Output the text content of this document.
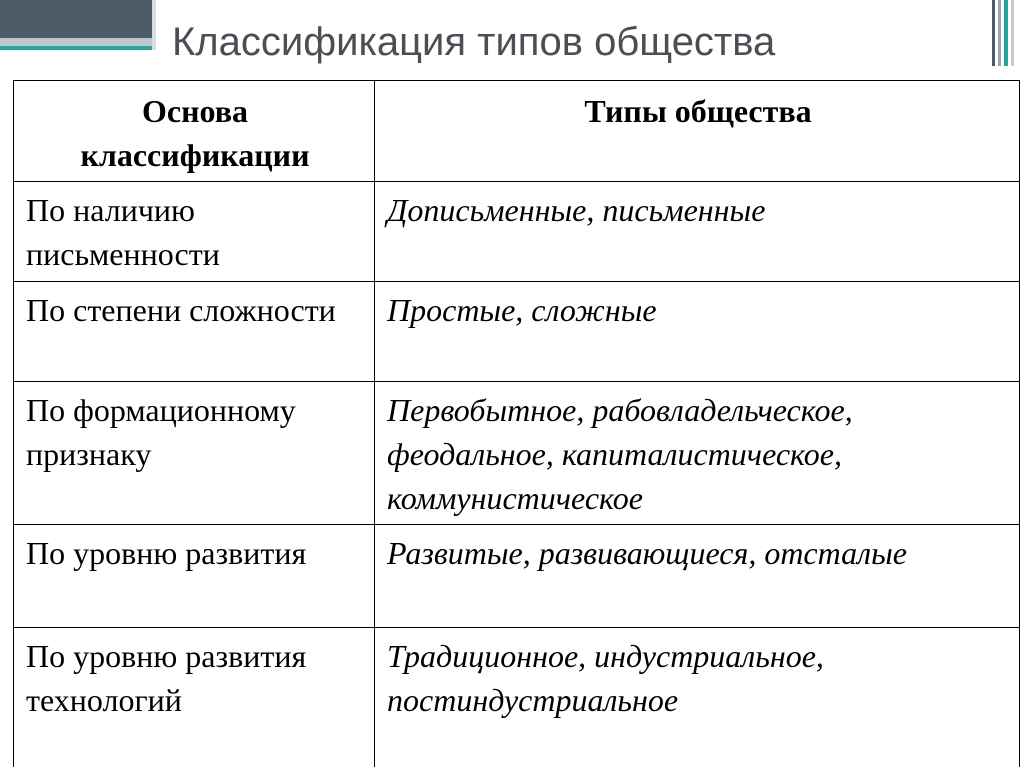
Классификация типов общества
Основа классификации	Типы общества
По наличию письменности	Дописьменные, письменные
По степени сложности	Простые, сложные
По формационному признаку	Первобытное, рабовладельческое, феодальное, капиталистическое, коммунистическое
По уровню развития	Развитые, развивающиеся, отсталые
По уровню развития технологий	Традиционное, индустриальное, постиндустриальное
